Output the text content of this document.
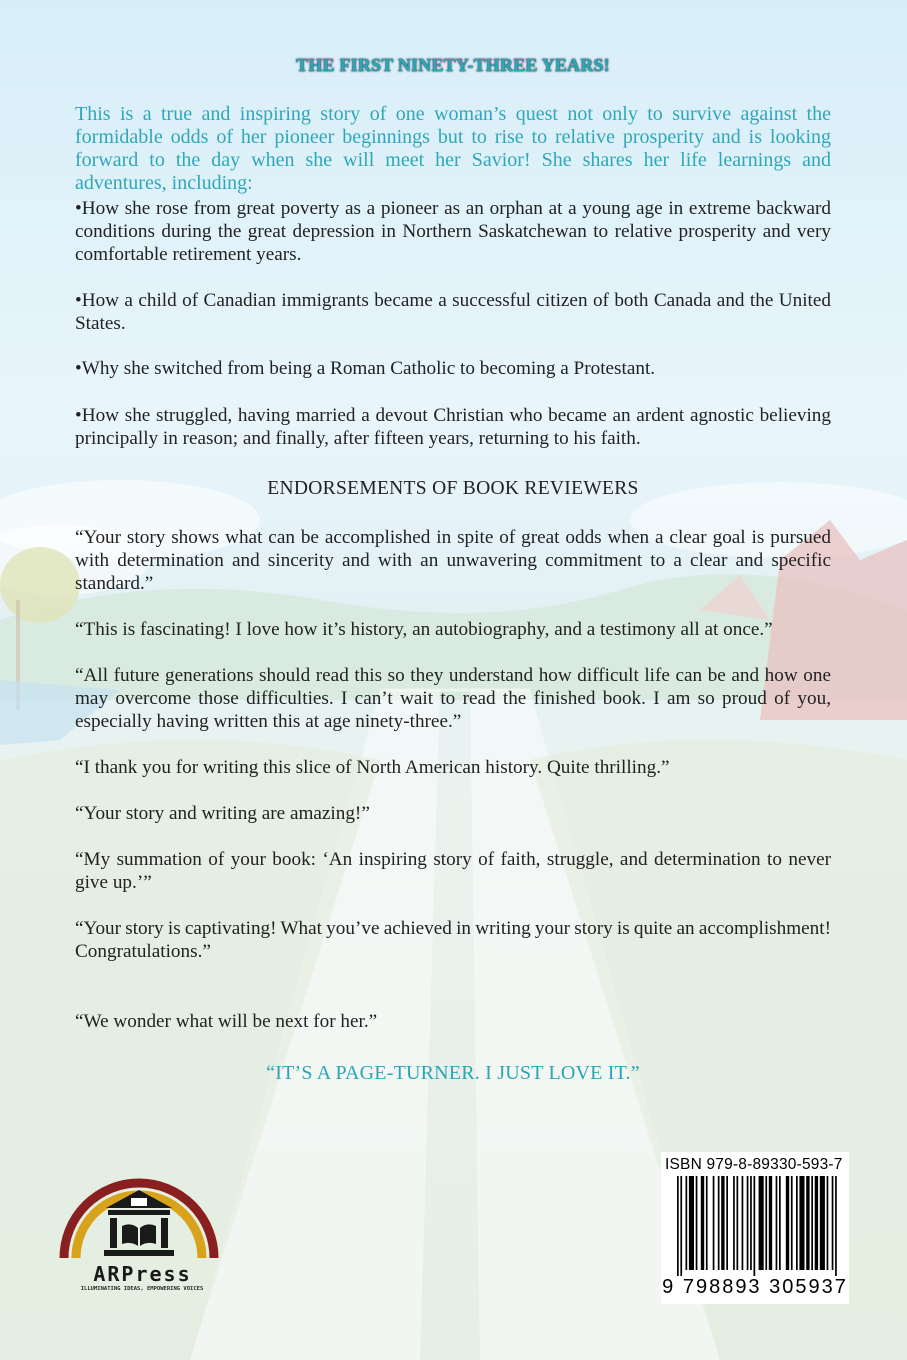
THE FIRST NINETY-THREE YEARS!
This is a true and inspiring story of one woman’s quest not only to survive against the formidable odds of her pioneer beginnings but to rise to relative prosperity and is looking forward to the day when she will meet her Savior! She shares her life learnings and adventures, including:

•How she rose from great poverty as a pioneer as an orphan at a young age in extreme backward conditions during the great depression in Northern Saskatchewan to relative prosperity and very comfortable retirement years.

•How a child of Canadian immigrants became a successful citizen of both Canada and the United States.

•Why she switched from being a Roman Catholic to becoming a Protestant.

•How she struggled, having married a devout Christian who became an ardent agnostic believing principally in reason; and finally, after fifteen years, returning to his faith.

ENDORSEMENTS OF BOOK REVIEWERS

“Your story shows what can be accomplished in spite of great odds when a clear goal is pursued with determination and sincerity and with an unwavering commitment to a clear and specific standard.”

“This is fascinating! I love how it’s history, an autobiography, and a testimony all at once.”

“All future generations should read this so they understand how difficult life can be and how one may overcome those difficulties. I can’t wait to read the finished book. I am so proud of you, especially having written this at age ninety-three.”

“I thank you for writing this slice of North American history. Quite thrilling.”

“Your story and writing are amazing!”

“My summation of your book: ‘An inspiring story of faith, struggle, and determination to never give up.’”

“Your story is captivating! What you’ve achieved in writing your story is quite an accomplishment! Congratulations.”

“We wonder what will be next for her.”

“IT’S A PAGE-TURNER. I JUST LOVE IT.”
ARPress
ILLUMINATING IDEAS, EMPOWERING VOICES
ISBN 979-8-89330-593-7
9 798893 305937
